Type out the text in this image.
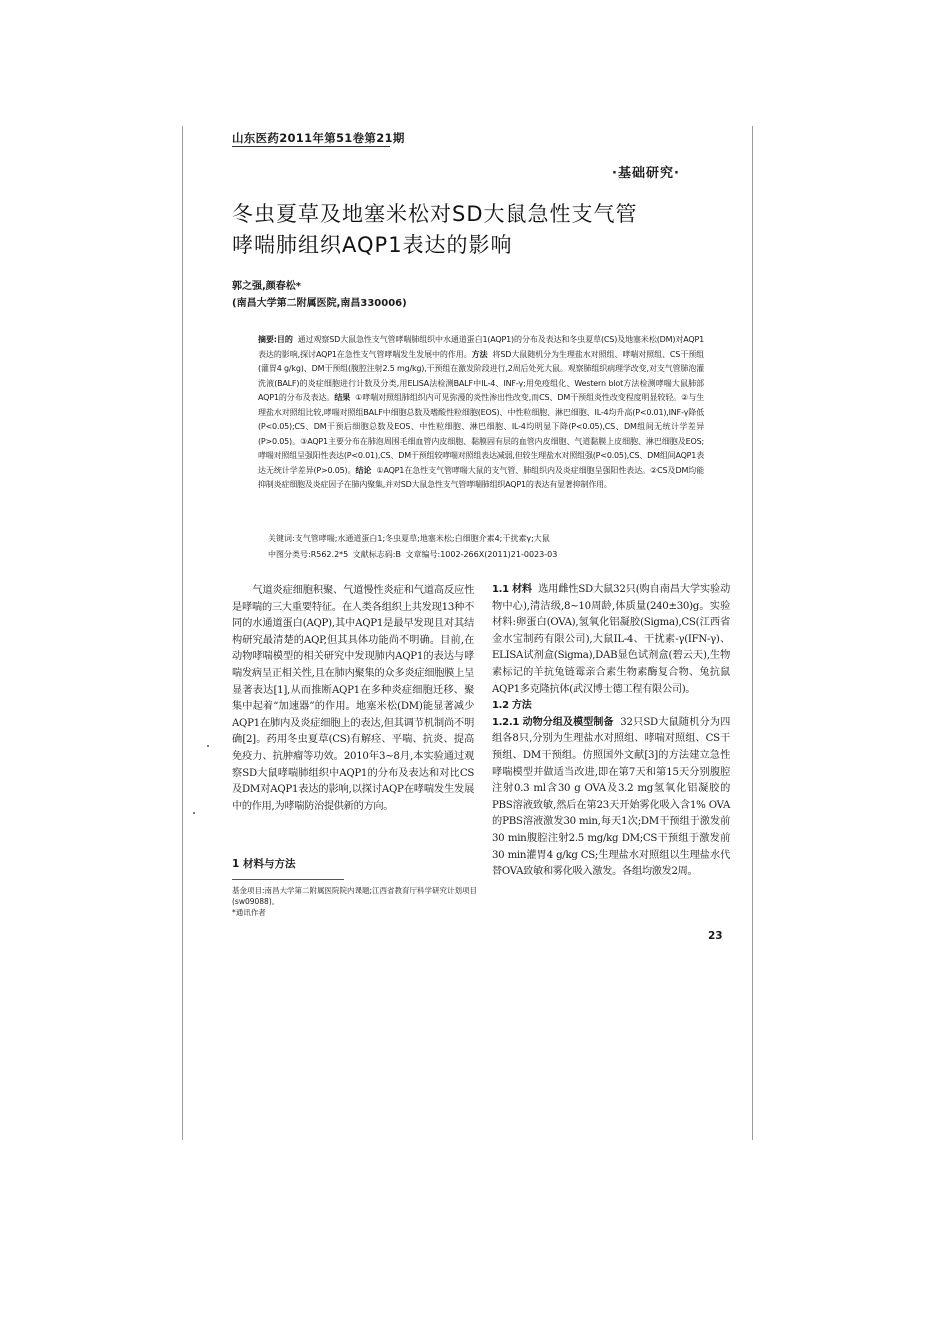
山东医药2011年第51卷第21期
·基础研究·
冬虫夏草及地塞米松对SD大鼠急性支气管
哮喘肺组织AQP1表达的影响
郭之强,颜春松*
(南昌大学第二附属医院,南昌330006)
摘要:目的 通过观察SD大鼠急性支气管哮喘肺组织中水通道蛋白1(AQP1)的分布及表达和冬虫夏草(CS)及地塞米松(DM)对AQP1表达的影响,探讨AQP1在急性支气管哮喘发生发展中的作用。方法 将SD大鼠随机分为生理盐水对照组、哮喘对照组、CS干预组(灌胃4 g/kg)、DM干预组(腹腔注射2.5 mg/kg),干预组在激发阶段进行,2周后处死大鼠。观察肺组织病理学改变,对支气管肺泡灌洗液(BALF)的炎症细胞进行计数及分类,用ELISA法检测BALF中IL-4、INF-γ;用免疫组化、Western blot方法检测哮喘大鼠肺部AQP1的分布及表达。结果 ①哮喘对照组肺组织内可见弥漫的炎性渗出性改变,而CS、DM干预组炎性改变程度明显较轻。②与生理盐水对照组比较,哮喘对照组BALF中细胞总数及嗜酸性粒细胞(EOS)、中性粒细胞、淋巴细胞、IL-4均升高(P<0.01),INF-γ降低(P<0.05);CS、DM干预后细胞总数及EOS、中性粒细胞、淋巴细胞、IL-4均明显下降(P<0.05),CS、DM组间无统计学差异(P>0.05)。③AQP1主要分布在肺泡周围毛细血管内皮细胞、黏膜固有层的血管内皮细胞、气道黏膜上皮细胞、淋巴细胞及EOS;哮喘对照组呈强阳性表达(P<0.01),CS、DM干预组较哮喘对照组表达减弱,但较生理盐水对照组强(P<0.05),CS、DM组间AQP1表达无统计学差异(P>0.05)。结论 ①AQP1在急性支气管哮喘大鼠的支气管、肺组织内及炎症细胞呈强阳性表达。②CS及DM均能抑制炎症细胞及炎症因子在肺内聚集,并对SD大鼠急性支气管哮喘肺组织AQP1的表达有显著抑制作用。
关键词:支气管哮喘;水通道蛋白1;冬虫夏草;地塞米松;白细胞介素4;干扰素γ;大鼠
中图分类号:R562.2*5 文献标志码:B 文章编号:1002-266X(2011)21-0023-03

气道炎症细胞积聚、气道慢性炎症和气道高反应性是哮喘的三大重要特征。在人类各组织上共发现13种不同的水通道蛋白(AQP),其中AQP1是最早发现且对其结构研究最清楚的AQP,但其具体功能尚不明确。目前,在动物哮喘模型的相关研究中发现肺内AQP1的表达与哮喘发病呈正相关性,且在肺内聚集的众多炎症细胞膜上呈显著表达[1],从而推断AQP1在多种炎症细胞迁移、聚集中起着“加速器”的作用。地塞米松(DM)能显著减少AQP1在肺内及炎症细胞上的表达,但其调节机制尚不明确[2]。药用冬虫夏草(CS)有解痉、平喘、抗炎、提高免疫力、抗肿瘤等功效。2010年3~8月,本实验通过观察SD大鼠哮喘肺组织中AQP1的分布及表达和对比CS及DM对AQP1表达的影响,以探讨AQP在哮喘发生发展中的作用,为哮喘防治提供新的方向。

1 材料与方法
基金项目:南昌大学第二附属医院院内课题;江西省教育厅科学研究计划项目(sw09088)。
*通讯作者

1.1 材料 选用雌性SD大鼠32只(购自南昌大学实验动物中心),清洁级,8~10周龄,体质量(240±30)g。实验材料:卵蛋白(OVA),氢氧化铝凝胶(Sigma),CS(江西省金水宝制药有限公司),大鼠IL-4、干扰素-γ(IFN-γ)、ELISA试剂盒(Sigma),DAB显色试剂盒(碧云天),生物素标记的羊抗兔链霉亲合素生物素酶复合物、兔抗鼠AQP1多克隆抗体(武汉博士德工程有限公司)。

1.2 方法

1.2.1 动物分组及模型制备 32只SD大鼠随机分为四组各8只,分别为生理盐水对照组、哮喘对照组、CS干预组、DM干预组。仿照国外文献[3]的方法建立急性哮喘模型并做适当改进,即在第7天和第15天分别腹腔注射0.3 ml含30 g OVA及3.2 mg氢氧化铝凝胶的PBS溶液致敏,然后在第23天开始雾化吸入含1% OVA的PBS溶液激发30 min,每天1次;DM干预组于激发前30 min腹腔注射2.5 mg/kg DM;CS干预组于激发前30 min灌胃4 g/kg CS;生理盐水对照组以生理盐水代替OVA致敏和雾化吸入激发。各组均激发2周。

23
